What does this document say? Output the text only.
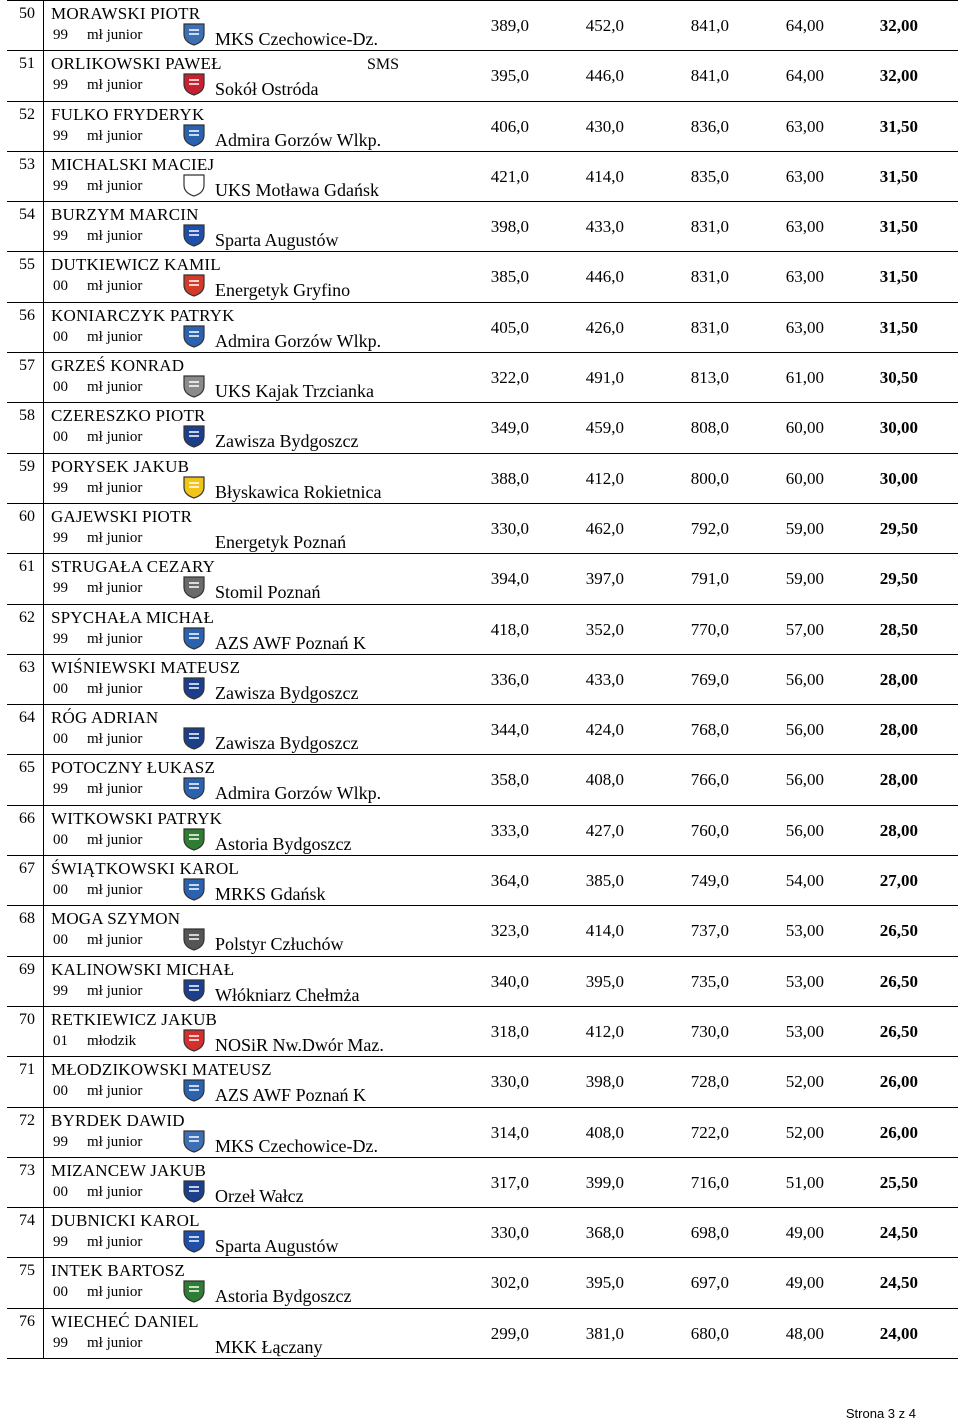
50 MORAWSKI PIOTR
99 mł junior	MKS Czechowice-Dz.
389,0	452,0	841,0	64,00	32,00
51 ORLIKOWSKI PAWEŁ
99 mł junior	Sokół Ostróda
SMS
395,0	446,0	841,0	64,00	32,00
52 FULKO FRYDERYK
99 mł junior	Admira Gorzów Wlkp.
406,0	430,0	836,0	63,00	31,50
53 MICHALSKI MACIEJ
99 mł junior	UKS Motława Gdańsk
421,0	414,0	835,0	63,00	31,50
54 BURZYM MARCIN
99 mł junior	Sparta Augustów
398,0	433,0	831,0	63,00	31,50
55 DUTKIEWICZ KAMIL
00 mł junior	Energetyk Gryfino
385,0	446,0	831,0	63,00	31,50
56 KONIARCZYK PATRYK
00 mł junior	Admira Gorzów Wlkp.
405,0	426,0	831,0	63,00	31,50
57 GRZEŚ KONRAD
00 mł junior	UKS Kajak Trzcianka
322,0	491,0	813,0	61,00	30,50
58 CZERESZKO PIOTR
00 mł junior	Zawisza Bydgoszcz
349,0	459,0	808,0	60,00	30,00
59 PORYSEK JAKUB
99 mł junior	Błyskawica Rokietnica
388,0	412,0	800,0	60,00	30,00
60 GAJEWSKI PIOTR
99 mł junior	Energetyk Poznań
330,0	462,0	792,0	59,00	29,50
61 STRUGAŁA CEZARY
99 mł junior	Stomil Poznań
394,0	397,0	791,0	59,00	29,50
62 SPYCHAŁA MICHAŁ
99 mł junior	AZS AWF Poznań K
418,0	352,0	770,0	57,00	28,50
63 WIŚNIEWSKI MATEUSZ
00 mł junior	Zawisza Bydgoszcz
336,0	433,0	769,0	56,00	28,00
64 RÓG ADRIAN
00 mł junior	Zawisza Bydgoszcz
344,0	424,0	768,0	56,00	28,00
65 POTOCZNY ŁUKASZ
99 mł junior	Admira Gorzów Wlkp.
358,0	408,0	766,0	56,00	28,00
66 WITKOWSKI PATRYK
00 mł junior	Astoria Bydgoszcz
333,0	427,0	760,0	56,00	28,00
67 ŚWIĄTKOWSKI KAROL
00 mł junior	MRKS Gdańsk
364,0	385,0	749,0	54,00	27,00
68 MOGA SZYMON
00 mł junior	Polstyr Człuchów
323,0	414,0	737,0	53,00	26,50
69 KALINOWSKI MICHAŁ
99 mł junior	Włókniarz Chełmża
340,0	395,0	735,0	53,00	26,50
70 RETKIEWICZ JAKUB
01 młodzik	NOSiR Nw.Dwór Maz.
318,0	412,0	730,0	53,00	26,50
71 MŁODZIKOWSKI MATEUSZ
00 mł junior	AZS AWF Poznań K
330,0	398,0	728,0	52,00	26,00
72 BYRDEK DAWID
99 mł junior	MKS Czechowice-Dz.
314,0	408,0	722,0	52,00	26,00
73 MIZANCEW JAKUB
00 mł junior	Orzeł Wałcz
317,0	399,0	716,0	51,00	25,50
74 DUBNICKI KAROL
99 mł junior	Sparta Augustów
330,0	368,0	698,0	49,00	24,50
75 INTEK BARTOSZ
00 mł junior	Astoria Bydgoszcz
302,0	395,0	697,0	49,00	24,50
76 WIECHEĆ DANIEL
99 mł junior	MKK Łączany
299,0	381,0	680,0	48,00	24,00
Strona 3 z 4
